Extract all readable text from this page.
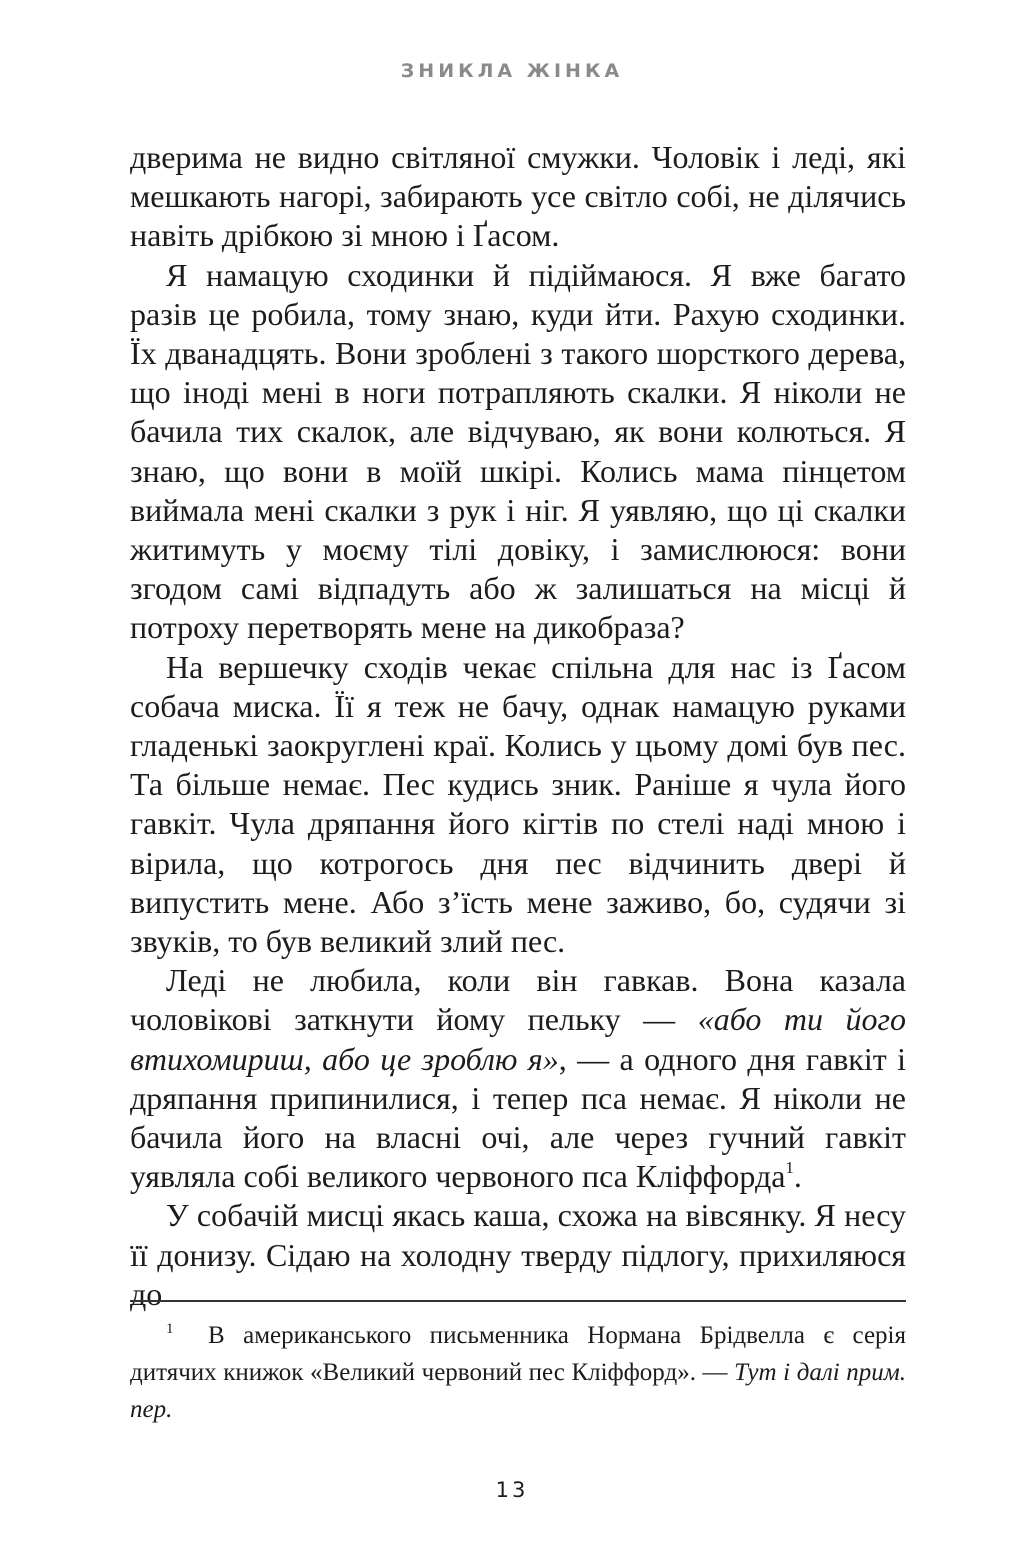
ЗНИКЛА ЖІНКА

дверима не видно світляної смужки. Чоловік і леді, які мешкають нагорі, забирають усе світло собі, не ділячись навіть дрібкою зі мною і Ґасом.

Я намацую сходинки й підіймаюся. Я вже багато разів це робила, тому знаю, куди йти. Рахую сходинки. Їх дванадцять. Вони зроблені з такого шорсткого дерева, що іноді мені в ноги потрапляють скалки. Я ніколи не бачила тих скалок, але відчуваю, як вони колються. Я знаю, що вони в моїй шкірі. Колись мама пінцетом виймала мені скалки з рук і ніг. Я уявляю, що ці скалки житимуть у моєму тілі довіку, і замислююся: вони згодом самі відпадуть або ж залишаться на місці й потроху перетворять мене на дикобраза?

На вершечку сходів чекає спільна для нас із Ґасом собача миска. Її я теж не бачу, однак намацую руками гладенькі заокруглені краї. Колись у цьому домі був пес. Та більше немає. Пес кудись зник. Раніше я чула його гавкіт. Чула дряпання його кігтів по стелі наді мною і вірила, що котрогось дня пес відчинить двері й випустить мене. Або з’їсть мене заживо, бо, судячи зі звуків, то був великий злий пес.

Леді не любила, коли він гавкав. Вона казала чоловікові заткнути йому пельку — «або ти його втихомириш, або це зроблю я», — а одного дня гавкіт і дряпання припинилися, і тепер пса немає. Я ніколи не бачила його на власні очі, але через гучний гавкіт уявляла собі великого червоного пса Кліффорда$^1$.

У собачій мисці якась каша, схожа на вівсянку. Я несу її донизу. Сідаю на холодну тверду підлогу, прихиляюся до

1 В американського письменника Нормана Брідвелла є серія дитячих книжок «Великий червоний пес Кліффорд». — Тут і далі прим. пер.
13
